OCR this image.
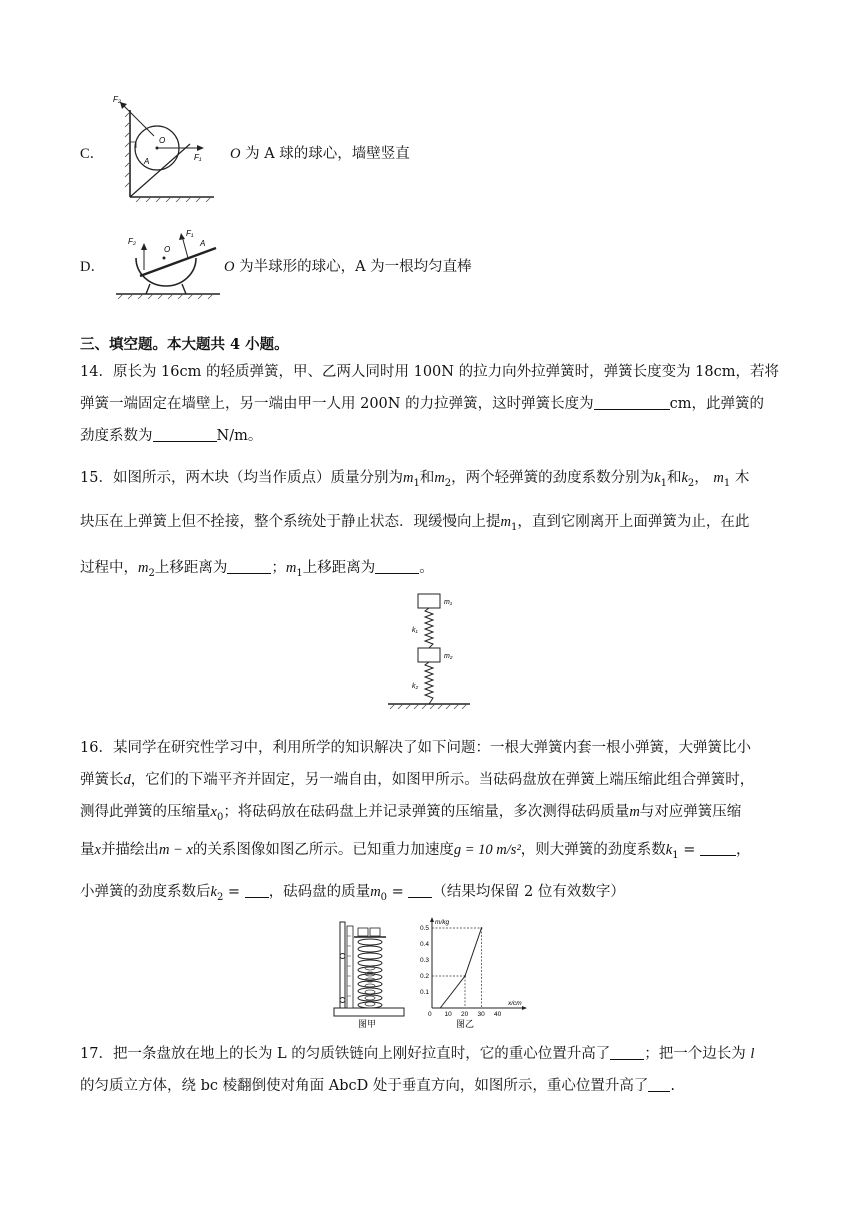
C．
F₂
O
A	F₁ O 为 A 球的球心，墙壁竖直
D．
F₂
O
A
F₁
O 为半球形的球心，A 为一根均匀直棒
三、填空题。本大题共 4 小题。
14．原长为 16cm 的轻质弹簧，甲、乙两人同时用 100N 的拉力向外拉弹簧时，弹簧长度变为 18cm，若将
弹簧一端固定在墙壁上，另一端由甲一人用 200N 的力拉弹簧，这时弹簧长度为	cm，此弹簧的
劲度系数为	N/m。
15．如图所示，两木块（均当作质点）质量分别为$m_1$和$m_2$，两个轻弹簧的劲度系数分别为$k_1$和$k_2$， $m_1$ 木
块压在上弹簧上但不拴接，整个系统处于静止状态．现缓慢向上提$m_1$，直到它刚离开上面弹簧为止，在此
过程中，$m_2$上移距离为	；$m_1$上移距离为	。
m₁
k₁
m₂
k₂
16．某同学在研究性学习中，利用所学的知识解决了如下问题：一根大弹簧内套一根小弹簧，大弹簧比小
弹簧长d，它们的下端平齐并固定，另一端自由，如图甲所示。当砝码盘放在弹簧上端压缩此组合弹簧时，
测得此弹簧的压缩量$x_0$；将砝码放在砝码盘上并记录弹簧的压缩量，多次测得砝码质量m与对应弹簧压缩
量x并描绘出m − x的关系图像如图乙所示。已知重力加速度g = 10 m/s²，则大弹簧的劲度系数$k_1$ = ，
小弹簧的劲度系数后$k_2$ = ，砝码盘的质量$m_0$ = （结果均保留 2 位有效数字）
图甲
m/kg
x/cm
0 10 20 30 40
0.1
0.2
0.3
0.4
0.5
图乙
17．把一条盘放在地上的长为 L 的匀质铁链向上刚好拉直时，它的重心位置升高了 ；把一个边长为 l
的匀质立方体，绕 bc 棱翻倒使对角面 AbcD 处于垂直方向，如图所示，重心位置升高了 .
